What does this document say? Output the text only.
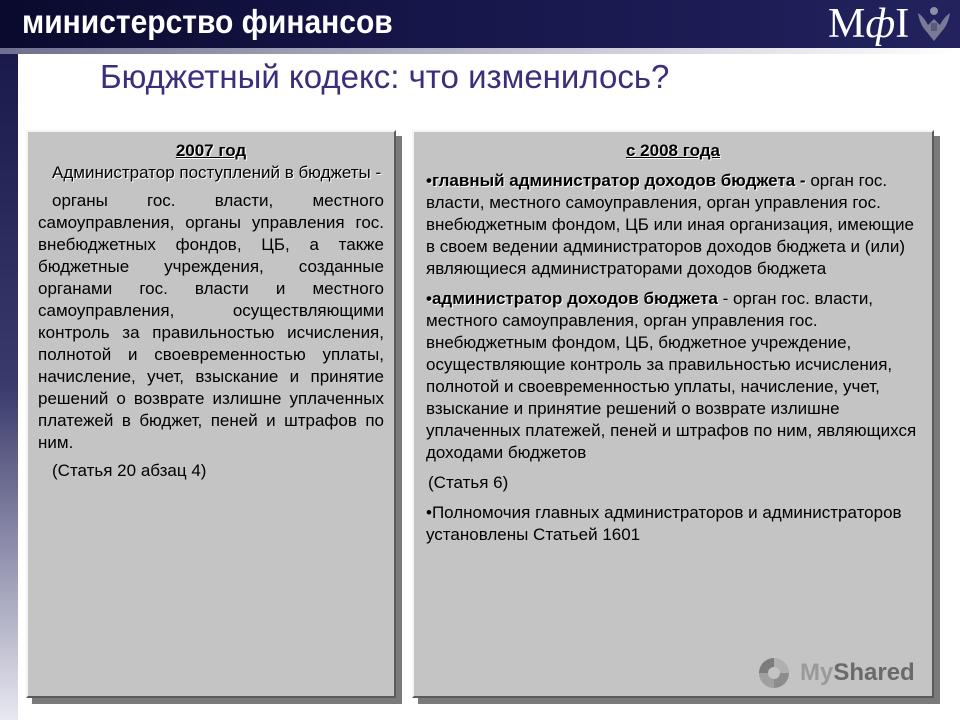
министерство финансов	МфI
Бюджетный кодекс: что изменилось?
2007 год

Администратор поступлений в бюджеты -

органы гос. власти, местного самоуправления, органы управления гос. внебюджетных фондов, ЦБ, а также бюджетные учреждения, созданные органами гос. власти и местного самоуправления, осуществляющими контроль за правильностью исчисления, полнотой и своевременностью уплаты, начисление, учет, взыскание и принятие решений о возврате излишне уплаченных платежей в бюджет, пеней и штрафов по ним.

(Статья 20 абзац 4)

с 2008 года

•главный администратор доходов бюджета - орган гос. власти, местного самоуправления, орган управления гос. внебюджетным фондом, ЦБ или иная организация, имеющие в своем ведении администраторов доходов бюджета и (или) являющиеся администраторами доходов бюджета

•администратор доходов бюджета - орган гос. власти, местного самоуправления, орган управления гос. внебюджетным фондом, ЦБ, бюджетное учреждение, осуществляющие контроль за правильностью исчисления, полнотой и своевременностью уплаты, начисление, учет, взыскание и принятие решений о возврате излишне уплаченных платежей, пеней и штрафов по ним, являющихся доходами бюджетов

(Статья 6)

•Полномочия главных администраторов и администраторов установлены Статьей 1601

MyShared
